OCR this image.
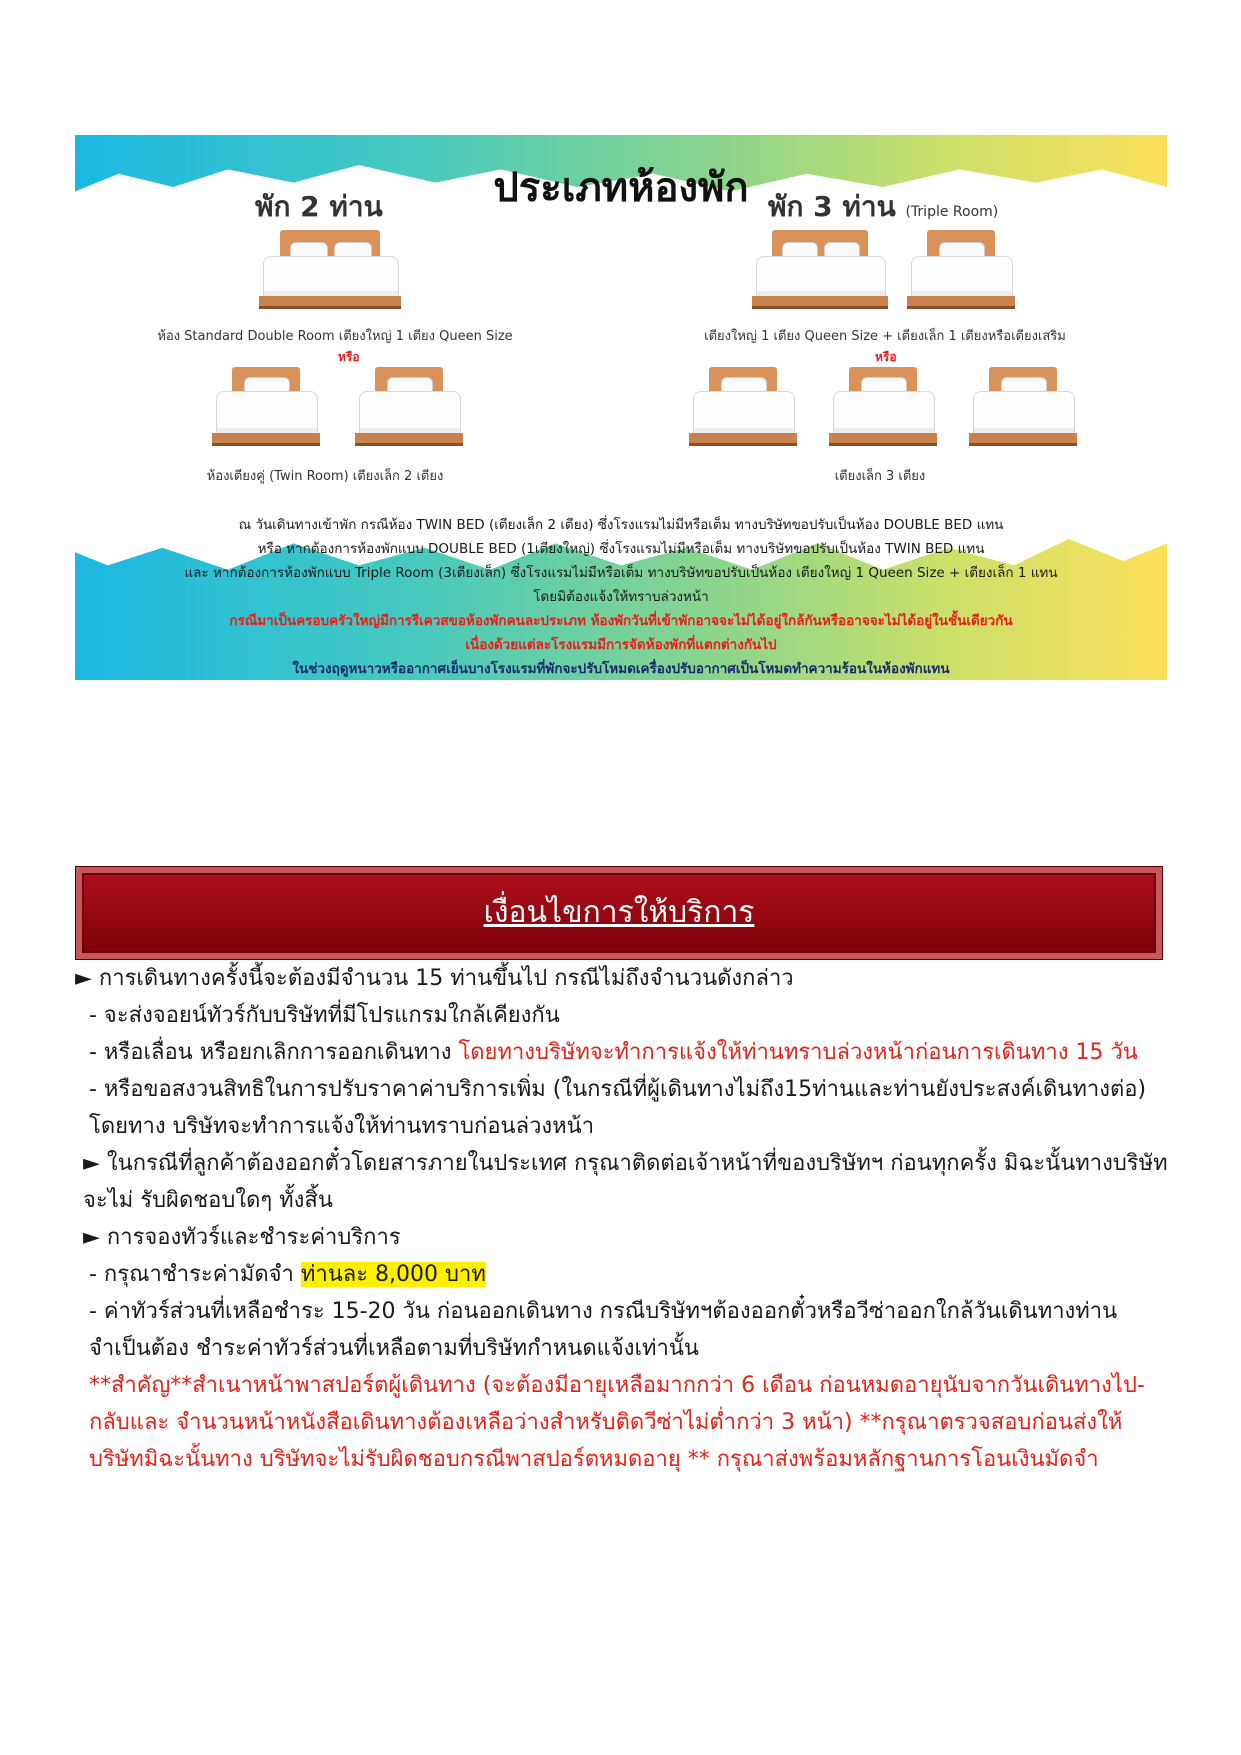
ประเภทห้องพัก
พัก 2 ท่าน	พัก 3 ท่าน (Triple Room)
ห้อง Standard Double Room เตียงใหญ่ 1 เตียง Queen Size
หรือ
ห้องเตียงคู่ (Twin Room) เตียงเล็ก 2 เตียง
เตียงใหญ่ 1 เตียง Queen Size + เตียงเล็ก 1 เตียงหรือเตียงเสริม
หรือ
เตียงเล็ก 3 เตียง
ณ วันเดินทางเข้าพัก กรณีห้อง TWIN BED (เตียงเล็ก 2 เตียง) ซึ่งโรงแรมไม่มีหรือเต็ม ทางบริษัทขอปรับเป็นห้อง DOUBLE BED แทน
หรือ หากต้องการห้องพักแบบ DOUBLE BED (1เตียงใหญ่) ซึ่งโรงแรมไม่มีหรือเต็ม ทางบริษัทขอปรับเป็นห้อง TWIN BED แทน
และ หากต้องการห้องพักแบบ Triple Room (3เตียงเล็ก) ซึ่งโรงแรมไม่มีหรือเต็ม ทางบริษัทขอปรับเป็นห้อง เตียงใหญ่ 1 Queen Size + เตียงเล็ก 1 แทน
โดยมิต้องแจ้งให้ทราบล่วงหน้า
กรณีมาเป็นครอบครัวใหญ่มีการรีเควสขอห้องพักคนละประเภท ห้องพักวันที่เข้าพักอาจจะไม่ได้อยู่ใกล้กันหรืออาจจะไม่ได้อยู่ในชั้นเดียวกัน
เนื่องด้วยแต่ละโรงแรมมีการจัดห้องพักที่แตกต่างกันไป
ในช่วงฤดูหนาวหรืออากาศเย็นบางโรงแรมที่พักจะปรับโหมดเครื่องปรับอากาศเป็นโหมดทำความร้อนในห้องพักแทน
เงื่อนไขการให้บริการ

► การเดินทางครั้งนี้จะต้องมีจำนวน 15 ท่านขึ้นไป กรณีไม่ถึงจำนวนดังกล่าว

- จะส่งจอยน์ทัวร์กับบริษัทที่มีโปรแกรมใกล้เคียงกัน

- หรือเลื่อน หรือยกเลิกการออกเดินทาง โดยทางบริษัทจะทำการแจ้งให้ท่านทราบล่วงหน้าก่อนการเดินทาง 15 วัน

- หรือขอสงวนสิทธิในการปรับราคาค่าบริการเพิ่ม (ในกรณีที่ผู้เดินทางไม่ถึง15ท่านและท่านยังประสงค์เดินทางต่อ) โดยทาง บริษัทจะทำการแจ้งให้ท่านทราบก่อนล่วงหน้า

► ในกรณีที่ลูกค้าต้องออกตั๋วโดยสารภายในประเทศ กรุณาติดต่อเจ้าหน้าที่ของบริษัทฯ ก่อนทุกครั้ง มิฉะนั้นทางบริษัทจะไม่ รับผิดชอบใดๆ ทั้งสิ้น

► การจองทัวร์และชำระค่าบริการ

- กรุณาชำระค่ามัดจำ ท่านละ 8,000 บาท

- ค่าทัวร์ส่วนที่เหลือชำระ 15-20 วัน ก่อนออกเดินทาง กรณีบริษัทฯต้องออกตั๋วหรือวีซ่าออกใกล้วันเดินทางท่านจำเป็นต้อง ชำระค่าทัวร์ส่วนที่เหลือตามที่บริษัทกำหนดแจ้งเท่านั้น

**สำคัญ**สำเนาหน้าพาสปอร์ตผู้เดินทาง (จะต้องมีอายุเหลือมากกว่า 6 เดือน ก่อนหมดอายุนับจากวันเดินทางไป-กลับและ จำนวนหน้าหนังสือเดินทางต้องเหลือว่างสำหรับติดวีซ่าไม่ต่ำกว่า 3 หน้า) **กรุณาตรวจสอบก่อนส่งให้บริษัทมิฉะนั้นทาง บริษัทจะไม่รับผิดชอบกรณีพาสปอร์ตหมดอายุ ** กรุณาส่งพร้อมหลักฐานการโอนเงินมัดจำ
